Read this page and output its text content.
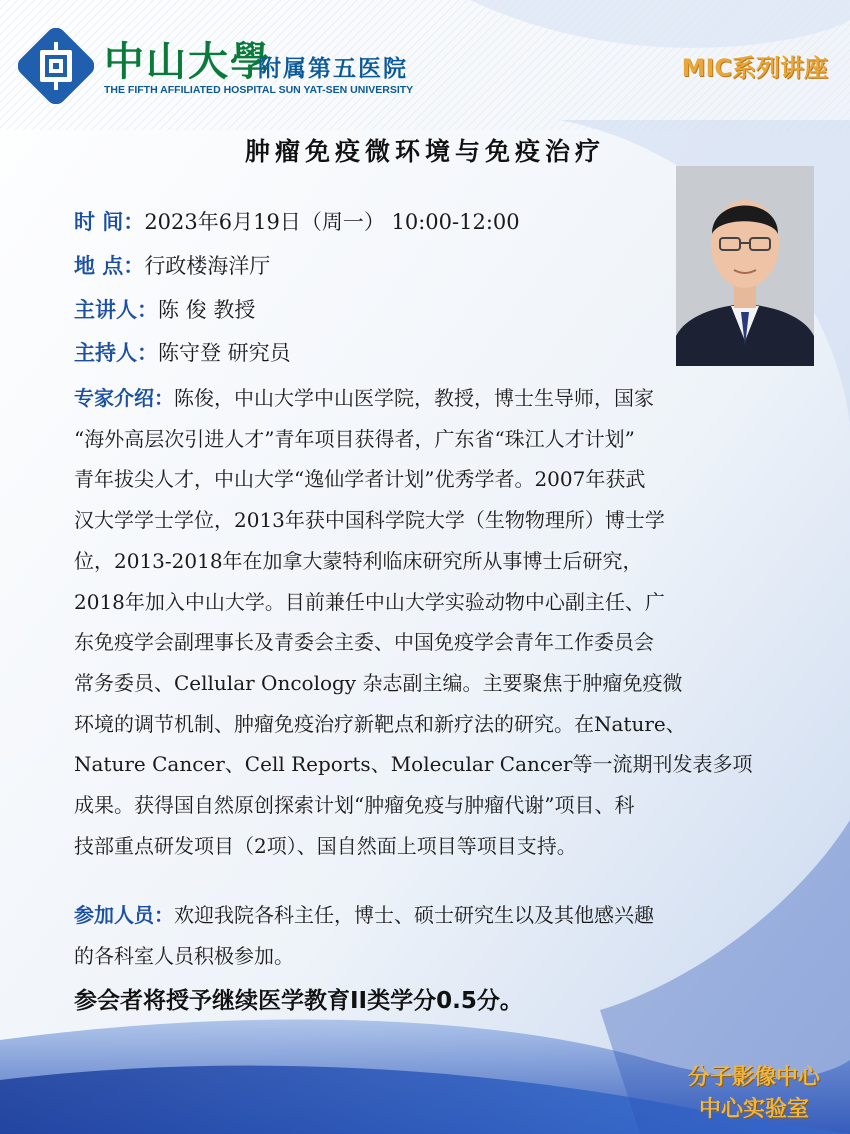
中山大學
附属第五医院
THE FIFTH AFFILIATED HOSPITAL SUN YAT-SEN UNIVERSITY
MIC系列讲座
肿瘤免疫微环境与免疫治疗
时 间：2023年6月19日（周一） 10:00-12:00
地 点：行政楼海洋厅
主讲人：陈 俊 教授
主持人：陈守登 研究员
专家介绍：陈俊，中山大学中山医学院，教授，博士生导师，国家
“海外高层次引进人才”青年项目获得者，广东省“珠江人才计划”
青年拔尖人才，中山大学“逸仙学者计划”优秀学者。2007年获武
汉大学学士学位，2013年获中国科学院大学（生物物理所）博士学
位，2013-2018年在加拿大蒙特利临床研究所从事博士后研究，
2018年加入中山大学。目前兼任中山大学实验动物中心副主任、广
东免疫学会副理事长及青委会主委、中国免疫学会青年工作委员会
常务委员、Cellular Oncology 杂志副主编。主要聚焦于肿瘤免疫微
环境的调节机制、肿瘤免疫治疗新靶点和新疗法的研究。在Nature、
Nature Cancer、Cell Reports、Molecular Cancer等一流期刊发表多项
成果。获得国自然原创探索计划“肿瘤免疫与肿瘤代谢”项目、科
技部重点研发项目（2项）、国自然面上项目等项目支持。
参加人员：欢迎我院各科主任，博士、硕士研究生以及其他感兴趣
的各科室人员积极参加。
参会者将授予继续医学教育II类学分0.5分。
分子影像中心
中心实验室
